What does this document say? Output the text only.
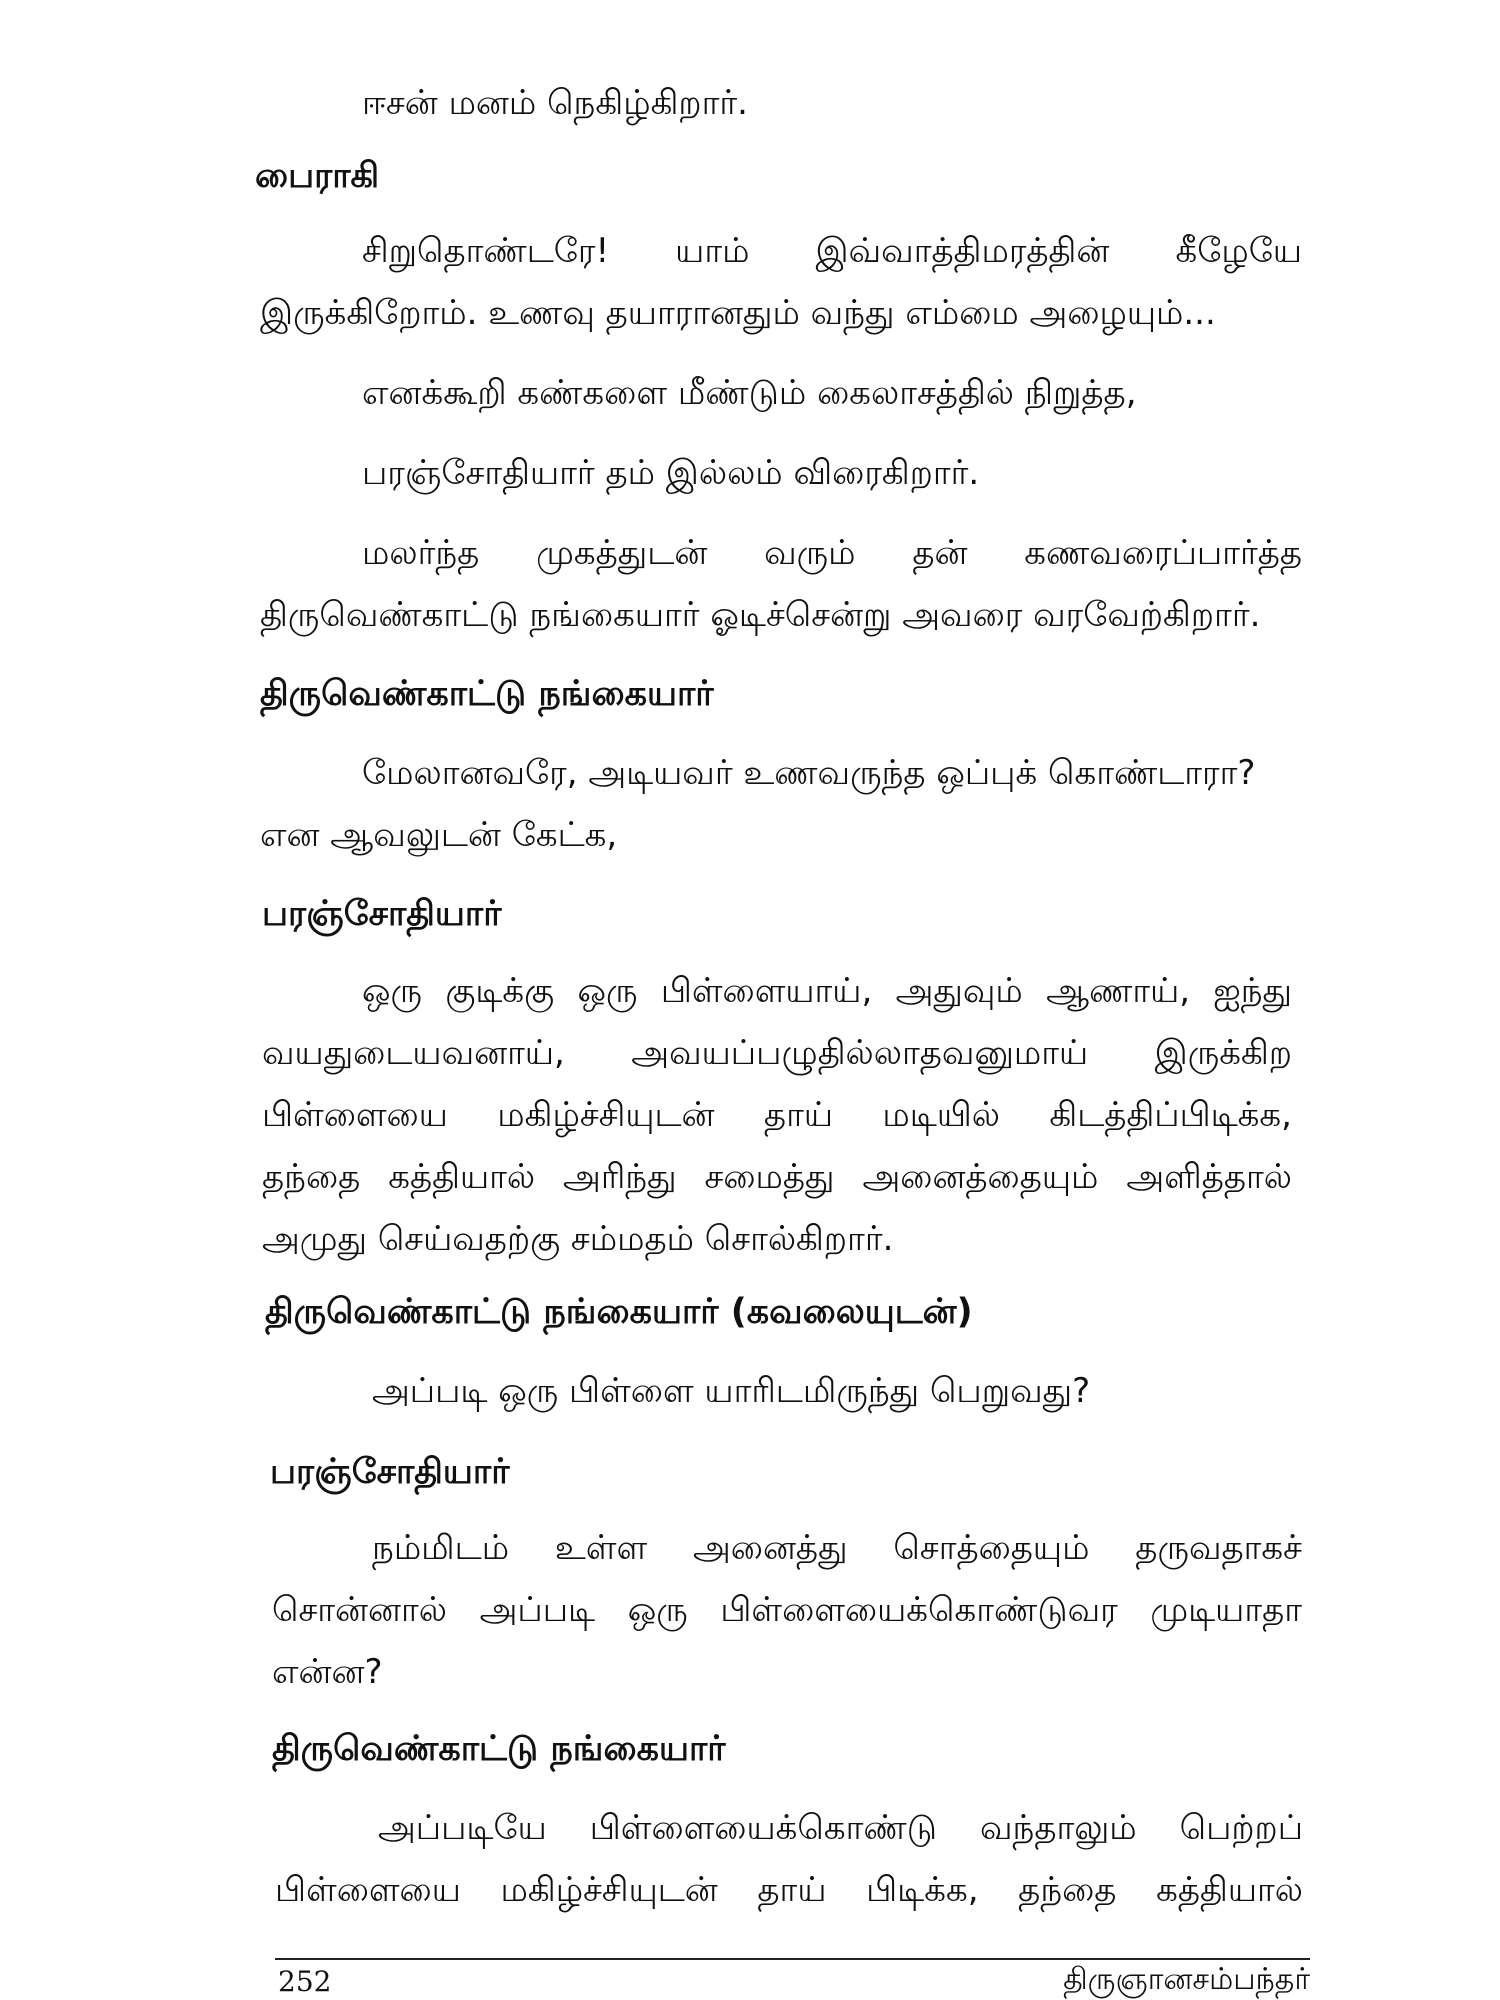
ஈசன் மனம் நெகிழ்கிறார்.
பைராகி
சிறுதொண்டரே! யாம் இவ்வாத்திமரத்தின் கீழேயே
இருக்கிறோம். உணவு தயாரானதும் வந்து எம்மை அழையும்...
எனக்கூறி கண்களை மீண்டும் கைலாசத்தில் நிறுத்த,
பரஞ்சோதியார் தம் இல்லம் விரைகிறார்.
மலர்ந்த முகத்துடன் வரும் தன் கணவரைப்பார்த்த
திருவெண்காட்டு நங்கையார் ஓடிச்சென்று அவரை வரவேற்கிறார்.
திருவெண்காட்டு நங்கையார்
மேலானவரே, அடியவர் உணவருந்த ஒப்புக் கொண்டாரா?
என ஆவலுடன் கேட்க,
பரஞ்சோதியார்
ஒரு குடிக்கு ஒரு பிள்ளையாய், அதுவும் ஆணாய், ஐந்து
வயதுடையவனாய், அவயப்பழுதில்லாதவனுமாய் இருக்கிற
பிள்ளையை மகிழ்ச்சியுடன் தாய் மடியில் கிடத்திப்பிடிக்க,
தந்தை கத்தியால் அரிந்து சமைத்து அனைத்தையும் அளித்தால்
அமுது செய்வதற்கு சம்மதம் சொல்கிறார்.
திருவெண்காட்டு நங்கையார் (கவலையுடன்)
அப்படி ஒரு பிள்ளை யாரிடமிருந்து பெறுவது?
பரஞ்சோதியார்
நம்மிடம் உள்ள அனைத்து சொத்தையும் தருவதாகச்
சொன்னால் அப்படி ஒரு பிள்ளையைக்கொண்டுவர முடியாதா
என்ன?
திருவெண்காட்டு நங்கையார்
அப்படியே பிள்ளையைக்கொண்டு வந்தாலும் பெற்றப்
பிள்ளையை மகிழ்ச்சியுடன் தாய் பிடிக்க, தந்தை கத்தியால்
252	திருஞானசம்பந்தர்
